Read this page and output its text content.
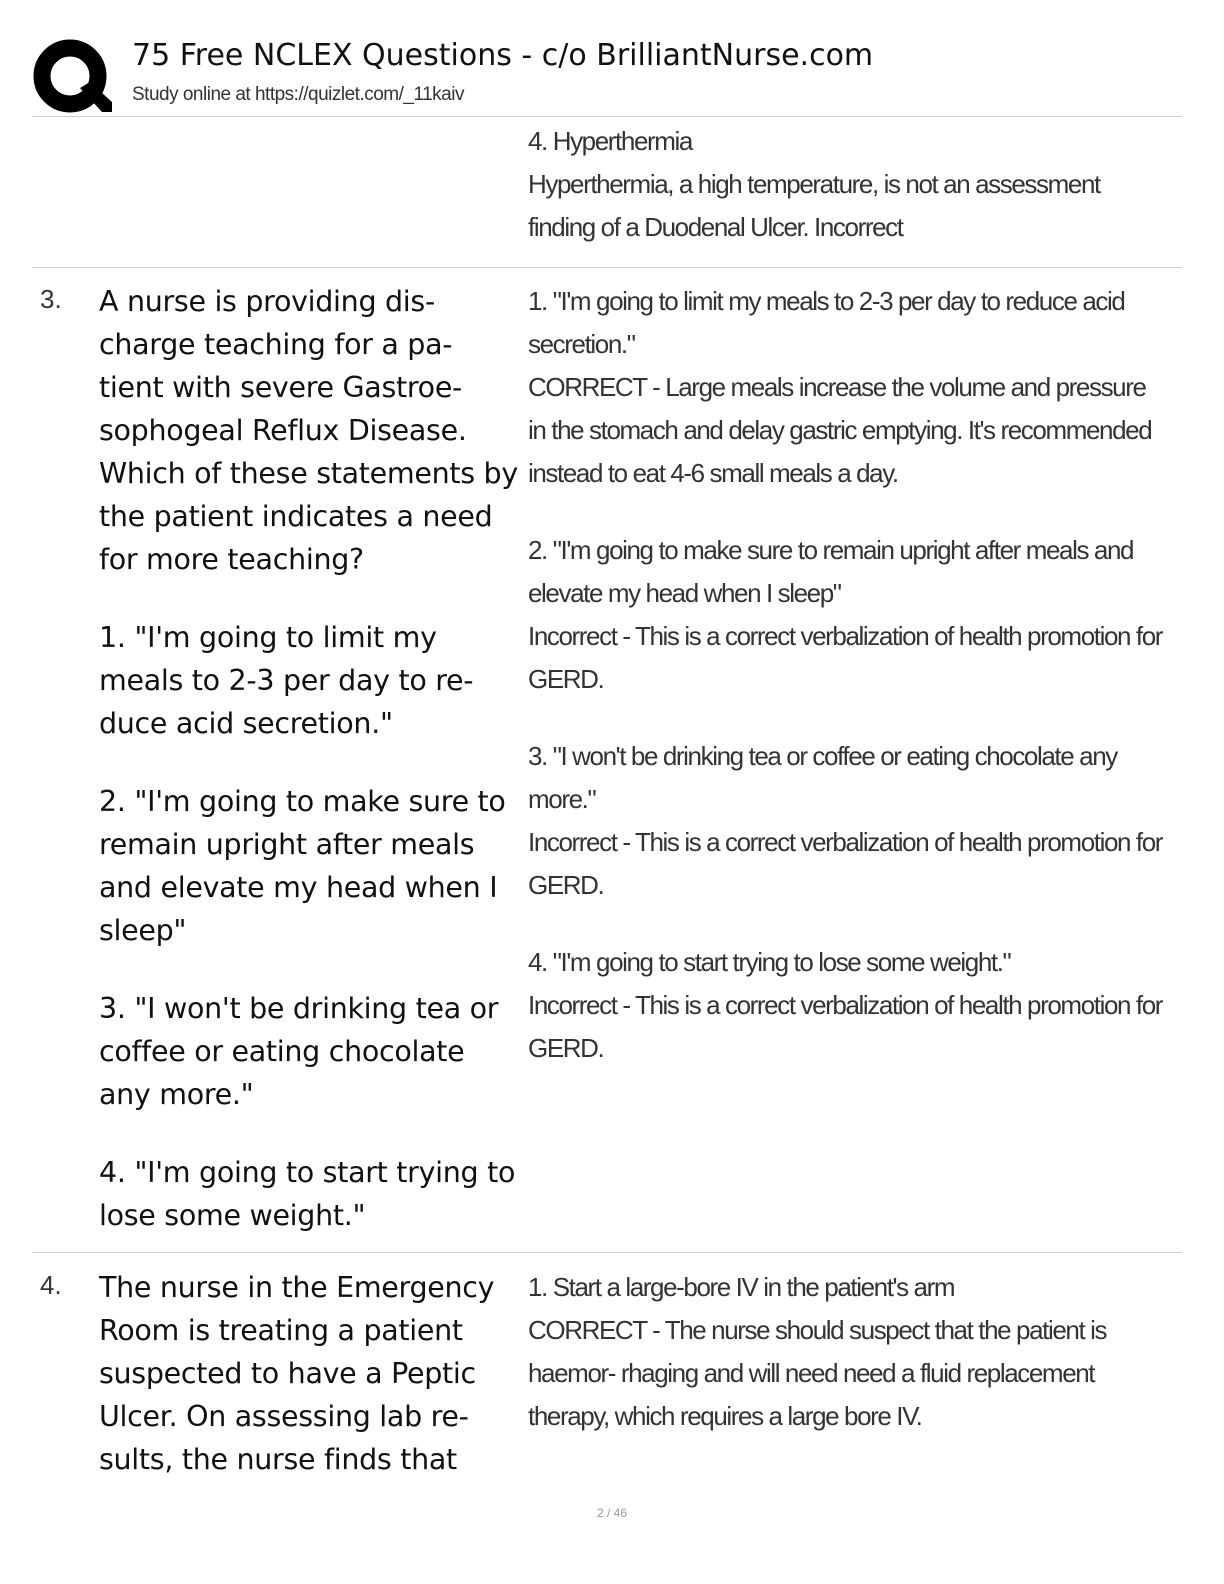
75 Free NCLEX Questions - c/o BrilliantNurse.com
Study online at https://quizlet.com/_11kaiv

4. Hyperthermia

Hyperthermia, a high temperature, is not an assessment finding of a Duodenal Ulcer. Incorrect

3. A nurse is providing dis- charge teaching for a pa- tient with severe Gastroe- sophogeal Reflux Disease. Which of these statements by the patient indicates a need for more teaching?

1. "I'm going to limit my meals to 2-3 per day to re- duce acid secretion."

2. "I'm going to make sure to remain upright after meals and elevate my head when I sleep"

3. "I won't be drinking tea or coffee or eating chocolate any more."

4. "I'm going to start trying to lose some weight."

1. "I'm going to limit my meals to 2-3 per day to reduce acid secretion."

CORRECT - Large meals increase the volume and pressure in the stomach and delay gastric emptying. It's recommended instead to eat 4-6 small meals a day.

2. "I'm going to make sure to remain upright after meals and elevate my head when I sleep"

Incorrect - This is a correct verbalization of health promotion for GERD.

3. "I won't be drinking tea or coffee or eating chocolate any more."

Incorrect - This is a correct verbalization of health promotion for GERD.

4. "I'm going to start trying to lose some weight."

Incorrect - This is a correct verbalization of health promotion for GERD.

4. The nurse in the Emergency Room is treating a patient suspected to have a Peptic Ulcer. On assessing lab re- sults, the nurse finds that

1. Start a large-bore IV in the patient's arm

CORRECT - The nurse should suspect that the patient is haemor- rhaging and will need need a fluid replacement therapy, which requires a large bore IV.

2 / 46
